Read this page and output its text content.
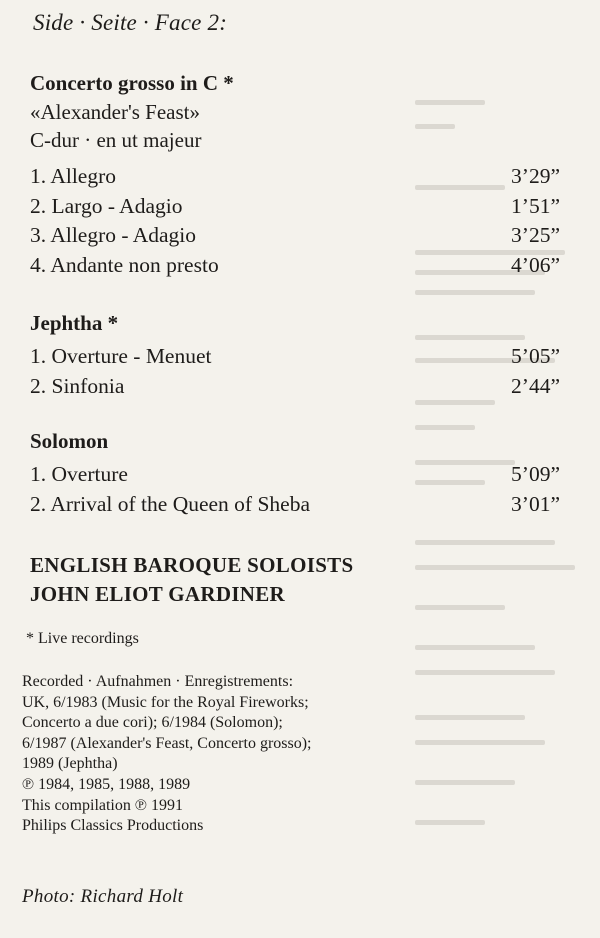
Side · Seite · Face 2:
Concerto grosso in C *
«Alexander's Feast»
C-dur · en ut majeur
1. Allegro	3’29”
2. Largo - Adagio	1’51”
3. Allegro - Adagio	3’25”
4. Andante non presto	4’06”
Jephtha *
1. Overture - Menuet	5’05”
2. Sinfonia	2’44”
Solomon
1. Overture	5’09”
2. Arrival of the Queen of Sheba	3’01”
ENGLISH BAROQUE SOLOISTS
JOHN ELIOT GARDINER
* Live recordings
Recorded · Aufnahmen · Enregistrements:
UK, 6/1983 (Music for the Royal Fireworks;
Concerto a due cori); 6/1984 (Solomon);
6/1987 (Alexander's Feast, Concerto grosso);
1989 (Jephtha)
℗ 1984, 1985, 1988, 1989
This compilation ℗ 1991
Philips Classics Productions
Photo: Richard Holt
